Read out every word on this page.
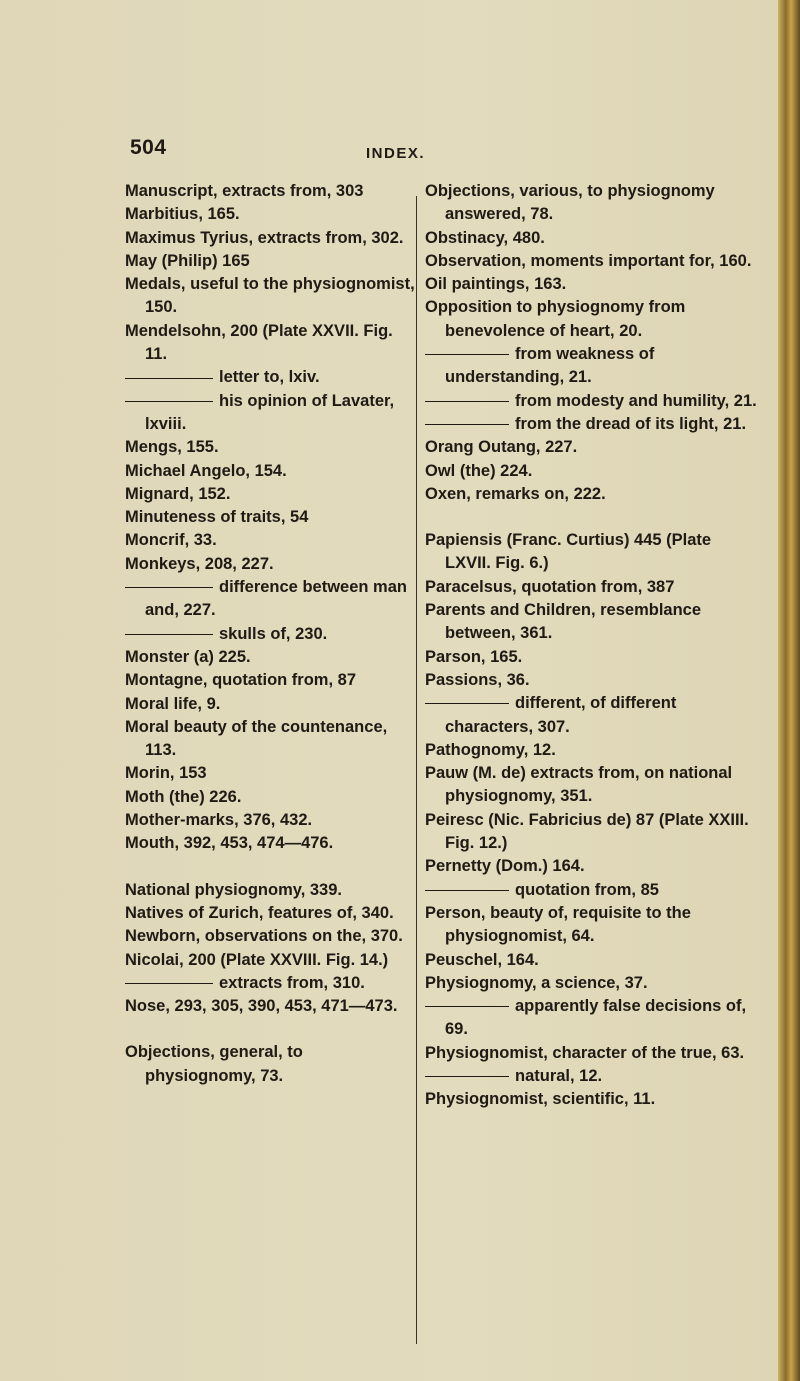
504	INDEX.
Manuscript, extracts from, 303
Marbitius, 165.
Maximus Tyrius, extracts from, 302.
May (Philip) 165
Medals, useful to the physiognomist, 150.
Mendelsohn, 200 (Plate XXVII. Fig. 11.
letter to, lxiv.
his opinion of Lavater, lxviii.
Mengs, 155.
Michael Angelo, 154.
Mignard, 152.
Minuteness of traits, 54
Moncrif, 33.
Monkeys, 208, 227.
difference between man and, 227.
skulls of, 230.
Monster (a) 225.
Montagne, quotation from, 87
Moral life, 9.
Moral beauty of the countenance, 113.
Morin, 153
Moth (the) 226.
Mother-marks, 376, 432.
Mouth, 392, 453, 474—476.
National physiognomy, 339.
Natives of Zurich, features of, 340.
Newborn, observations on the, 370.
Nicolai, 200 (Plate XXVIII. Fig. 14.)
extracts from, 310.
Nose, 293, 305, 390, 453, 471—473.
Objections, general, to physiognomy, 73.
Objections, various, to physiognomy answered, 78.
Obstinacy, 480.
Observation, moments important for, 160.
Oil paintings, 163.
Opposition to physiognomy from benevolence of heart, 20.
from weakness of understanding, 21.
from modesty and humility, 21.
from the dread of its light, 21.
Orang Outang, 227.
Owl (the) 224.
Oxen, remarks on, 222.
Papiensis (Franc. Curtius) 445 (Plate LXVII. Fig. 6.)
Paracelsus, quotation from, 387
Parents and Children, resemblance between, 361.
Parson, 165.
Passions, 36.
different, of different characters, 307.
Pathognomy, 12.
Pauw (M. de) extracts from, on national physiognomy, 351.
Peiresc (Nic. Fabricius de) 87 (Plate XXIII. Fig. 12.)
Pernetty (Dom.) 164.
quotation from, 85
Person, beauty of, requisite to the physiognomist, 64.
Peuschel, 164.
Physiognomy, a science, 37.
apparently false decisions of, 69.
Physiognomist, character of the true, 63.
natural, 12.
Physiognomist, scientific, 11.
